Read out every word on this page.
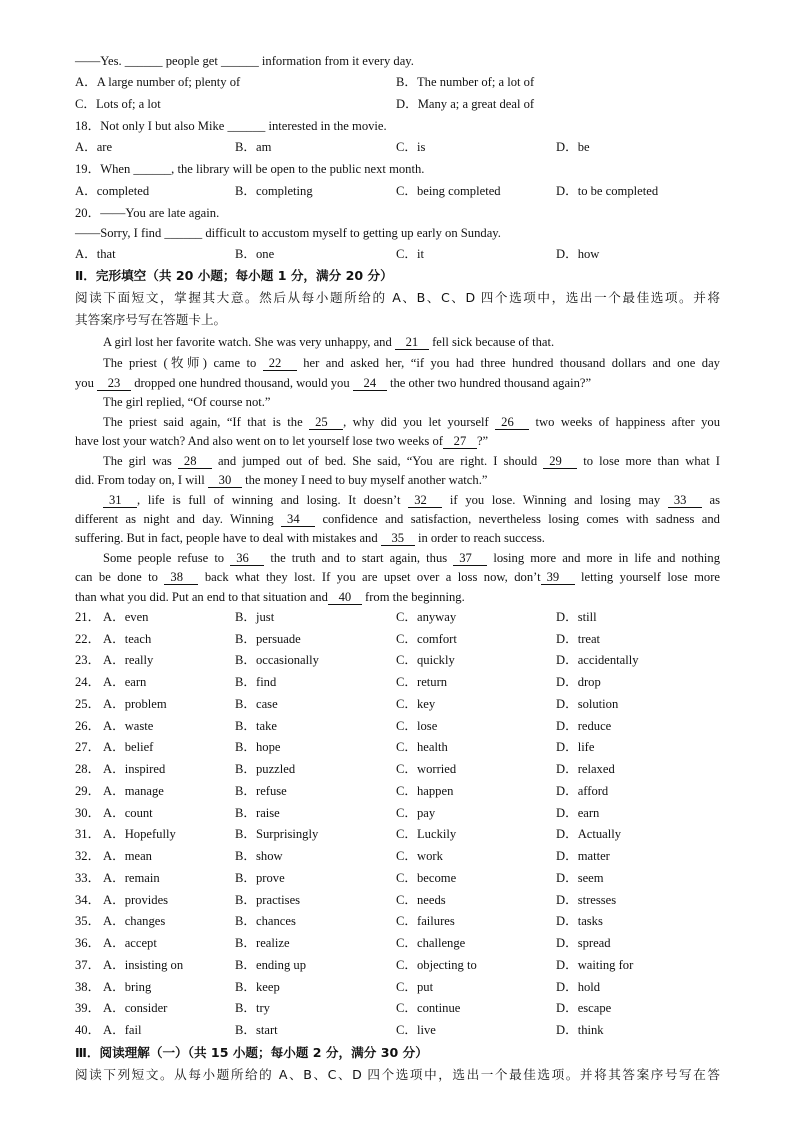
——Yes. ______ people get ______ information from it every day.
A．A large number of; plenty of	B．The number of; a lot of
C．Lots of; a lot	D．Many a; a great deal of
18．Not only I but also Mike ______ interested in the movie.
A．are	B．am	C．is	D．be
19．When ______, the library will be open to the public next month.
A．completed	B．completing	C．being completed	D．to be completed
20．——You are late again.
——Sorry, I find ______ difficult to accustom myself to getting up early on Sunday.
A．that	B．one	C．it	D．how
Ⅱ．完形填空（共 20 小题；每小题 1 分，满分 20 分）
阅读下面短文，掌握其大意。然后从每小题所给的 A、B、C、D 四个选项中，选出一个最佳选项。并将
其答案序号写在答题卡上。
A girl lost her favorite watch. She was very unhappy, and 21 fell sick because of that.
The priest (牧师) came to 22 her and asked her, “if you had three hundred thousand dollars and one day
you 23 dropped one hundred thousand, would you 24 the other two hundred thousand again?”
The girl replied, “Of course not.”
The priest said again, “If that is the 25 , why did you let yourself 26 two weeks of happiness after you
have lost your watch? And also went on to let yourself lose two weeks of 27 ?”
The girl was 28 and jumped out of bed. She said, “You are right. I should 29 to lose more than what I
did. From today on, I will 30 the money I need to buy myself another watch.”
31 , life is full of winning and losing. It doesn’t 32 if you lose. Winning and losing may 33 as
different as night and day. Winning 34 confidence and satisfaction, nevertheless losing comes with sadness and
suffering. But in fact, people have to deal with mistakes and 35 in order to reach success.
Some people refuse to 36 the truth and to start again, thus 37 losing more and more in life and nothing
can be done to 38 back what they lost. If you are upset over a loss now, don’t 39 letting yourself lose more
than what you did. Put an end to that situation and 40 from the beginning.
21． A．even	B．just	C．anyway	D．still
22． A．teach	B．persuade	C．comfort	D．treat
23． A．really	B．occasionally	C．quickly	D．accidentally
24． A．earn	B．find	C．return	D．drop
25． A．problem	B．case	C．key	D．solution
26． A．waste	B．take	C．lose	D．reduce
27． A．belief	B．hope	C．health	D．life
28． A．inspired	B．puzzled	C．worried	D．relaxed
29． A．manage	B．refuse	C．happen	D．afford
30． A．count	B．raise	C．pay	D．earn
31． A．Hopefully	B．Surprisingly	C．Luckily	D．Actually
32． A．mean	B．show	C．work	D．matter
33． A．remain	B．prove	C．become	D．seem
34． A．provides	B．practises	C．needs	D．stresses
35． A．changes	B．chances	C．failures	D．tasks
36． A．accept	B．realize	C．challenge	D．spread
37． A．insisting on	B．ending up	C．objecting to	D．waiting for
38． A．bring	B．keep	C．put	D．hold
39． A．consider	B．try	C．continue	D．escape
40． A．fail	B．start	C．live	D．think
Ⅲ．阅读理解（一）（共 15 小题；每小题 2 分，满分 30 分）
阅读下列短文。从每小题所给的 A、B、C、D 四个选项中，选出一个最佳选项。并将其答案序号写在答
